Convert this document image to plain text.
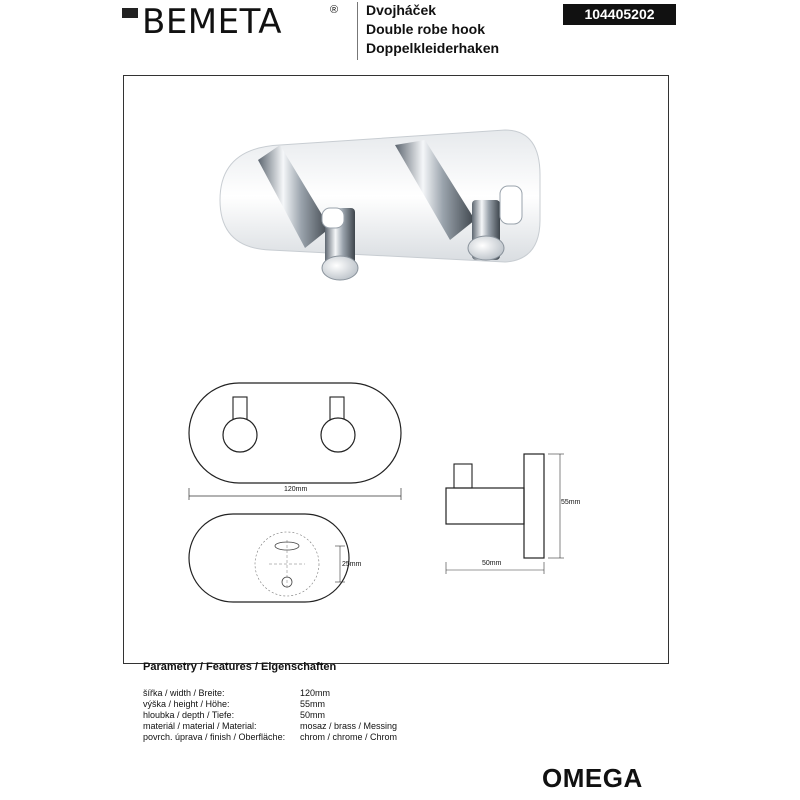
BEMETA	® Dvojháček
Double robe hook
Doppelkleiderhaken
104405202
120mm
25mm
55mm
50mm
Parametry / Features / Eigenschaften
šířka / width / Breite:	120mm
výška / height / Höhe:	55mm
hloubka / depth / Tiefe:	50mm
materiál / material / Material:	mosaz / brass / Messing
povrch. úprava / finish / Oberfläche: chrom / chrome / Chrom
OMEGA
